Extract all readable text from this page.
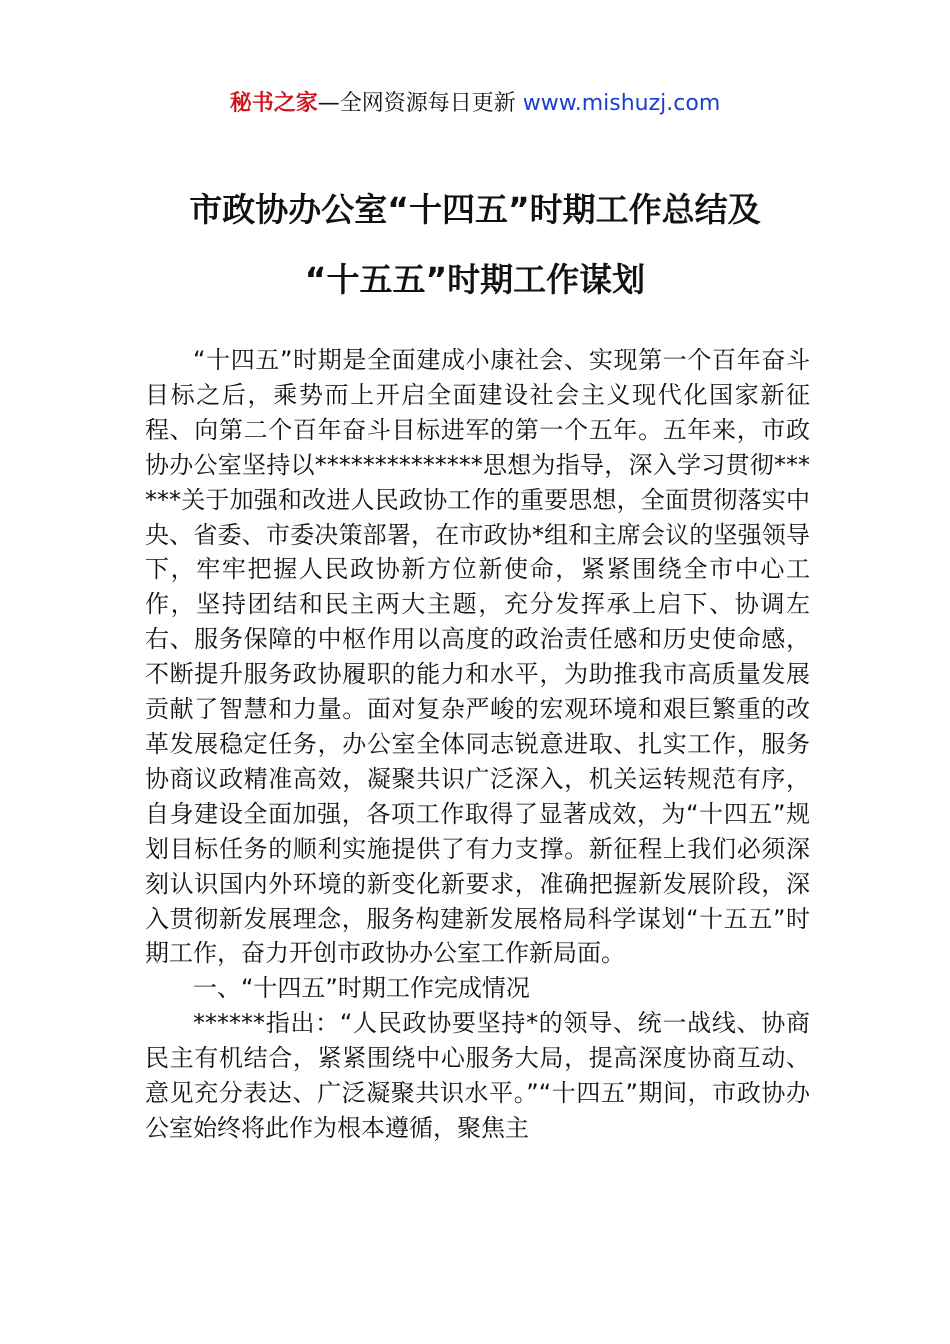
秘书之家—全网资源每日更新 www.mishuzj.com
市政协办公室“十四五”时期工作总结及
“十五五”时期工作谋划

“十四五”时期是全面建成小康社会、实现第一个百年奋斗目标之后，乘势而上开启全面建设社会主义现代化国家新征程、向第二个百年奋斗目标进军的第一个五年。五年来，市政协办公室坚持以**************思想为指导，深入学习贯彻******关于加强和改进人民政协工作的重要思想，全面贯彻落实中央、省委、市委决策部署，在市政协*组和主席会议的坚强领导下，牢牢把握人民政协新方位新使命，紧紧围绕全市中心工作，坚持团结和民主两大主题，充分发挥承上启下、协调左右、服务保障的中枢作用以高度的政治责任感和历史使命感，不断提升服务政协履职的能力和水平，为助推我市高质量发展贡献了智慧和力量。面对复杂严峻的宏观环境和艰巨繁重的改革发展稳定任务，办公室全体同志锐意进取、扎实工作，服务协商议政精准高效，凝聚共识广泛深入，机关运转规范有序，自身建设全面加强，各项工作取得了显著成效，为“十四五”规划目标任务的顺利实施提供了有力支撑。新征程上我们必须深刻认识国内外环境的新变化新要求，准确把握新发展阶段，深入贯彻新发展理念，服务构建新发展格局科学谋划“十五五”时期工作，奋力开创市政协办公室工作新局面。

一、“十四五”时期工作完成情况

******指出：“人民政协要坚持*的领导、统一战线、协商民主有机结合，紧紧围绕中心服务大局，提高深度协商互动、意见充分表达、广泛凝聚共识水平。”“十四五”期间，市政协办公室始终将此作为根本遵循，聚焦主
